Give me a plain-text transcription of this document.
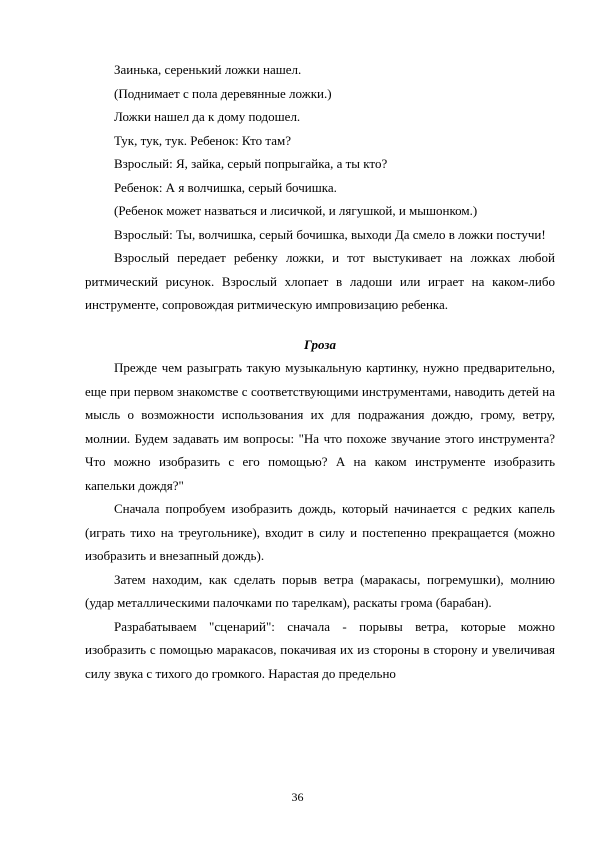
Заинька, серенький ложки нашел.

(Поднимает с пола деревянные ложки.)

Ложки нашел да к дому подошел.

Тук, тук, тук. Ребенок: Кто там?

Взрослый: Я, зайка, серый попрыгайка, а ты кто?

Ребенок: А я волчишка, серый бочишка.

(Ребенок может назваться и лисичкой, и лягушкой, и мышонком.)

Взрослый: Ты, волчишка, серый бочишка, выходи Да смело в ложки постучи!

Взрослый передает ребенку ложки, и тот выстукивает на ложках любой ритмический рисунок. Взрослый хлопает в ладоши или играет на каком-либо инструменте, сопровождая ритмическую импровизацию ребенка.

Гроза

Прежде чем разыграть такую музыкальную картинку, нужно предварительно, еще при первом знакомстве с соответствующими инструментами, наводить детей на мысль о возможности использования их для подражания дождю, грому, ветру, молнии. Будем задавать им вопросы: "На что похоже звучание этого инструмента? Что можно изобразить с его помощью? А на каком инструменте изобразить капельки дождя?"

Сначала попробуем изобразить дождь, который начинается с редких капель (играть тихо на треугольнике), входит в силу и постепенно прекращается (можно изобразить и внезапный дождь).

Затем находим, как сделать порыв ветра (маракасы, погремушки), молнию (удар металлическими палочками по тарелкам), раскаты грома (барабан).

Разрабатываем "сценарий": сначала - порывы ветра, которые можно изобразить с помощью маракасов, покачивая их из стороны в сторону и увеличивая силу звука с тихого до громкого. Нарастая до предельно

36
